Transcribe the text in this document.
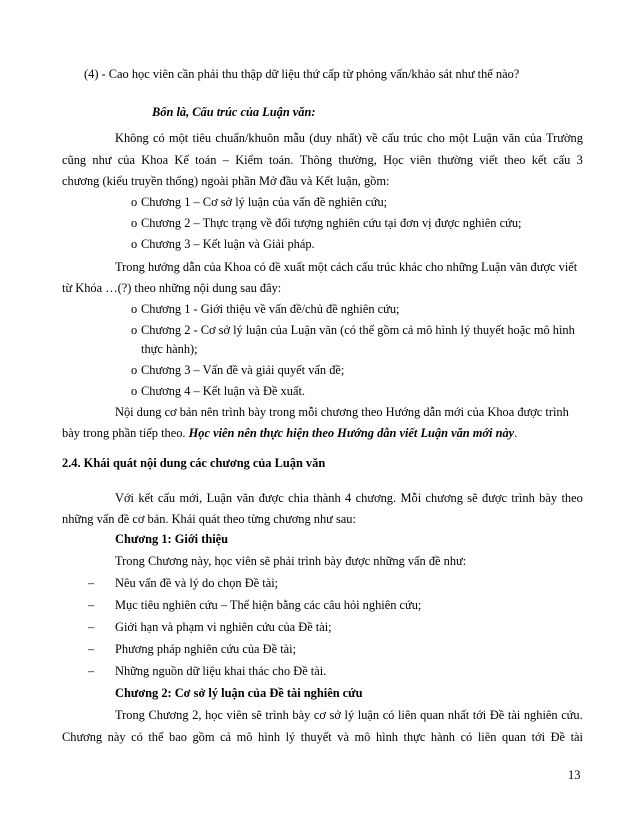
(4) - Cao học viên cần phải thu thập dữ liệu thứ cấp từ phỏng vấn/khảo sát như thế nào?
Bốn là, Cấu trúc của Luận văn:
Không có một tiêu chuẩn/khuôn mẫu (duy nhất) về cấu trúc cho một Luận văn của Trường
cũng như của Khoa Kế toán – Kiểm toán. Thông thường, Học viên thường viết theo kết cấu 3
chương (kiểu truyền thống) ngoài phần Mở đầu và Kết luận, gồm:
o Chương 1 – Cơ sở lý luận của vấn đề nghiên cứu;
o Chương 2 – Thực trạng về đối tượng nghiên cứu tại đơn vị được nghiên cứu;
o Chương 3 – Kết luận và Giải pháp.
Trong hướng dẫn của Khoa có đề xuất một cách cấu trúc khác cho những Luận văn được viết
từ Khóa …(?) theo những nội dung sau đây:
o Chương 1 - Giới thiệu về vấn đề/chủ đề nghiên cứu;
o Chương 2 - Cơ sở lý luận của Luận văn (có thể gồm cả mô hình lý thuyết hoặc mô hình
thực hành);
o Chương 3 – Vấn đề và giải quyết vấn đề;
o Chương 4 – Kết luận và Đề xuất.
Nội dung cơ bản nên trình bày trong mỗi chương theo Hướng dẫn mới của Khoa được trình
bày trong phần tiếp theo. Học viên nên thực hiện theo Hướng dẫn viết Luận văn mới này.
2.4. Khái quát nội dung các chương của Luận văn
Với kết cấu mới, Luận văn được chia thành 4 chương. Mỗi chương sẽ được trình bày theo
những vấn đề cơ bản. Khái quát theo từng chương như sau:
Chương 1: Giới thiệu
Trong Chương này, học viên sẽ phải trình bày được những vấn đề như:
– Nêu vấn đề và lý do chọn Đề tài;
– Mục tiêu nghiên cứu – Thể hiện bằng các câu hỏi nghiên cứu;
– Giới hạn và phạm vi nghiên cứu của Đề tài;
– Phương pháp nghiên cứu của Đề tài;
– Những nguồn dữ liệu khai thác cho Đề tài.
Chương 2: Cơ sở lý luận của Đề tài nghiên cứu
Trong Chương 2, học viên sẽ trình bày cơ sở lý luận có liên quan nhất tới Đề tài nghiên cứu.
Chương này có thể bao gồm cả mô hình lý thuyết và mô hình thực hành có liên quan tới Đề tài
13
